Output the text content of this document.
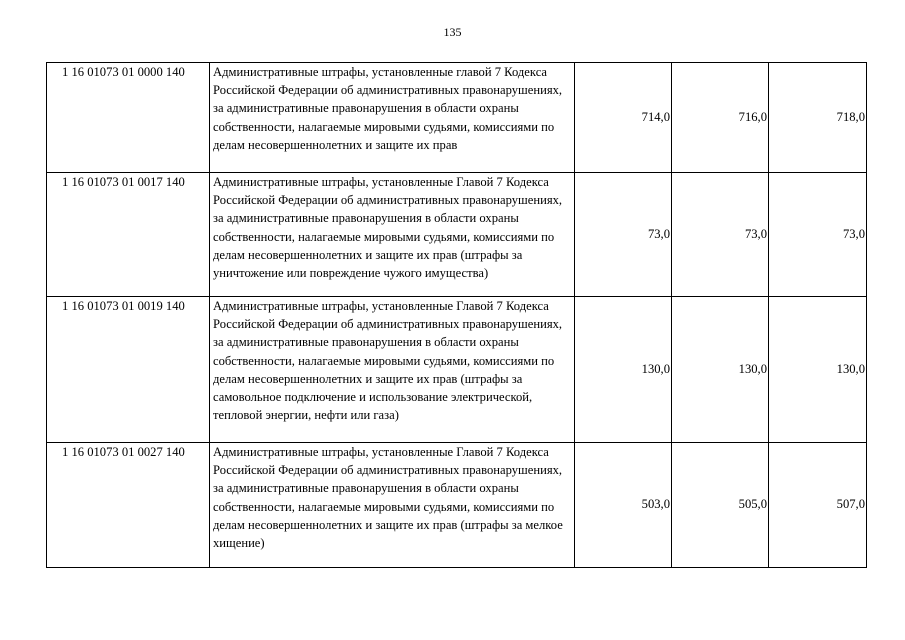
135
1 16 01073 01 0000 140	Административные штрафы, установленные главой 7 Кодекса Российской Федерации об административных правонарушениях, за административные правонарушения в области охраны собственности, налагаемые мировыми судьями, комиссиями по делам несовершеннолетних и защите их прав	714,0	716,0	718,0
1 16 01073 01 0017 140	Административные штрафы, установленные Главой 7 Кодекса Российской Федерации об административных правонарушениях, за административные правонарушения в области охраны собственности, налагаемые мировыми судьями, комиссиями по делам несовершеннолетних и защите их прав (штрафы за уничтожение или повреждение чужого имущества)	73,0	73,0	73,0
1 16 01073 01 0019 140	Административные штрафы, установленные Главой 7 Кодекса Российской Федерации об административных правонарушениях, за административные правонарушения в области охраны собственности, налагаемые мировыми судьями, комиссиями по делам несовершеннолетних и защите их прав (штрафы за самовольное подключение и использование электрической, тепловой энергии, нефти или газа)	130,0	130,0	130,0
1 16 01073 01 0027 140	Административные штрафы, установленные Главой 7 Кодекса Российской Федерации об административных правонарушениях, за административные правонарушения в области охраны собственности, налагаемые мировыми судьями, комиссиями по делам несовершеннолетних и защите их прав (штрафы за мелкое хищение)	503,0	505,0	507,0
